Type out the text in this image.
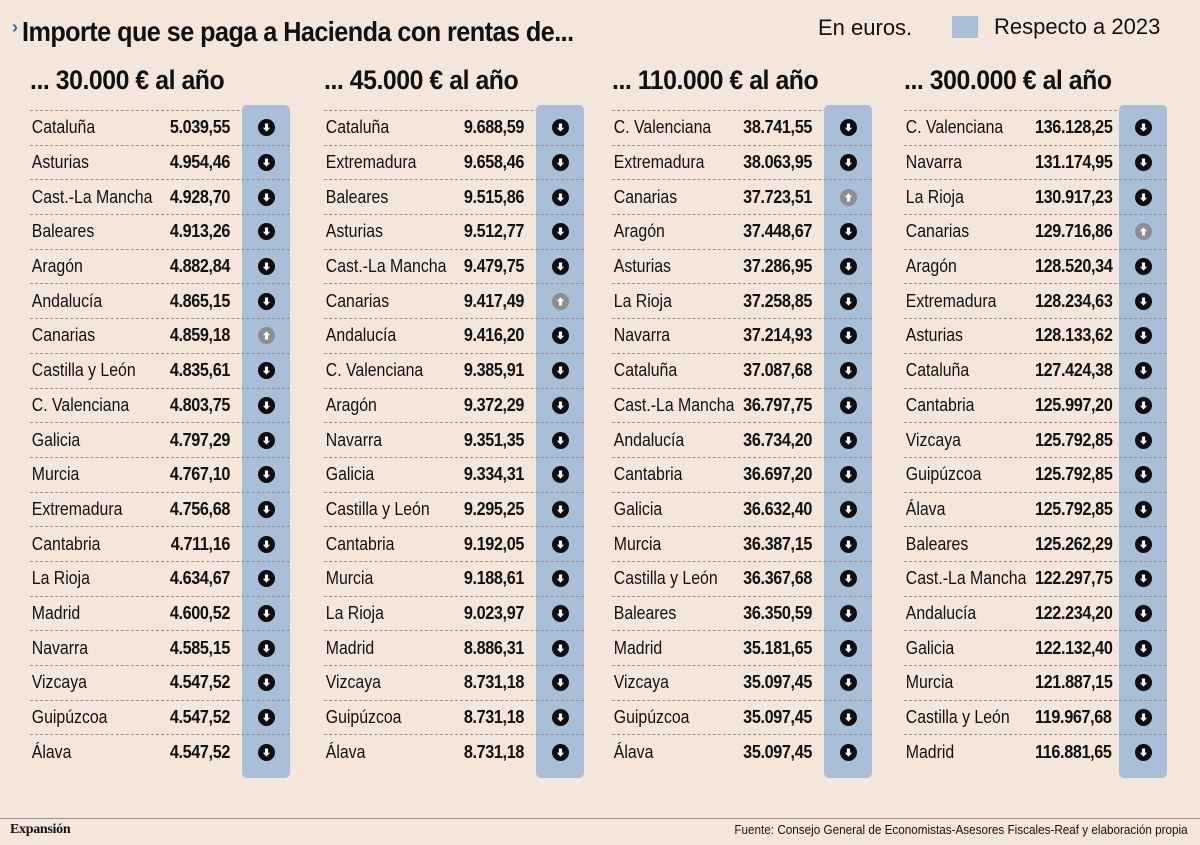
› Importe que se paga a Hacienda con rentas de...	En euros.	Respecto a 2023
... 30.000 € al año
Cataluña	5.039,55
Asturias	4.954,46
Cast.-La Mancha 4.928,70
Baleares	4.913,26
Aragón	4.882,84
Andalucía	4.865,15
Canarias	4.859,18
Castilla y León	4.835,61
C. Valenciana	4.803,75
Galicia	4.797,29
Murcia	4.767,10
Extremadura	4.756,68
Cantabria	4.711,16
La Rioja	4.634,67
Madrid	4.600,52
Navarra	4.585,15
Vizcaya	4.547,52
Guipúzcoa	4.547,52
Álava	4.547,52
... 45.000 € al año
Cataluña	9.688,59
Extremadura	9.658,46
Baleares	9.515,86
Asturias	9.512,77
Cast.-La Mancha 9.479,75
Canarias	9.417,49
Andalucía	9.416,20
C. Valenciana	9.385,91
Aragón	9.372,29
Navarra	9.351,35
Galicia	9.334,31
Castilla y León	9.295,25
Cantabria	9.192,05
Murcia	9.188,61
La Rioja	9.023,97
Madrid	8.886,31
Vizcaya	8.731,18
Guipúzcoa	8.731,18
Álava	8.731,18
... 110.000 € al año
C. Valenciana	38.741,55
Extremadura	38.063,95
Canarias	37.723,51
Aragón	37.448,67
Asturias	37.286,95
La Rioja	37.258,85
Navarra	37.214,93
Cataluña	37.087,68
Cast.-La Mancha 36.797,75
Andalucía	36.734,20
Cantabria	36.697,20
Galicia	36.632,40
Murcia	36.387,15
Castilla y León 36.367,68
Baleares	36.350,59
Madrid	35.181,65
Vizcaya	35.097,45
Guipúzcoa	35.097,45
Álava	35.097,45
... 300.000 € al año
C. Valenciana	136.128,25
Navarra	131.174,95
La Rioja	130.917,23
Canarias	129.716,86
Aragón	128.520,34
Extremadura	128.234,63
Asturias	128.133,62
Cataluña	127.424,38
Cantabria	125.997,20
Vizcaya	125.792,85
Guipúzcoa	125.792,85
Álava	125.792,85
Baleares	125.262,29
Cast.-La Mancha 122.297,75
Andalucía	122.234,20
Galicia	122.132,40
Murcia	121.887,15
Castilla y León 119.967,68
Madrid	116.881,65
Expansión	Fuente: Consejo General de Economistas-Asesores Fiscales-Reaf y elaboración propia
